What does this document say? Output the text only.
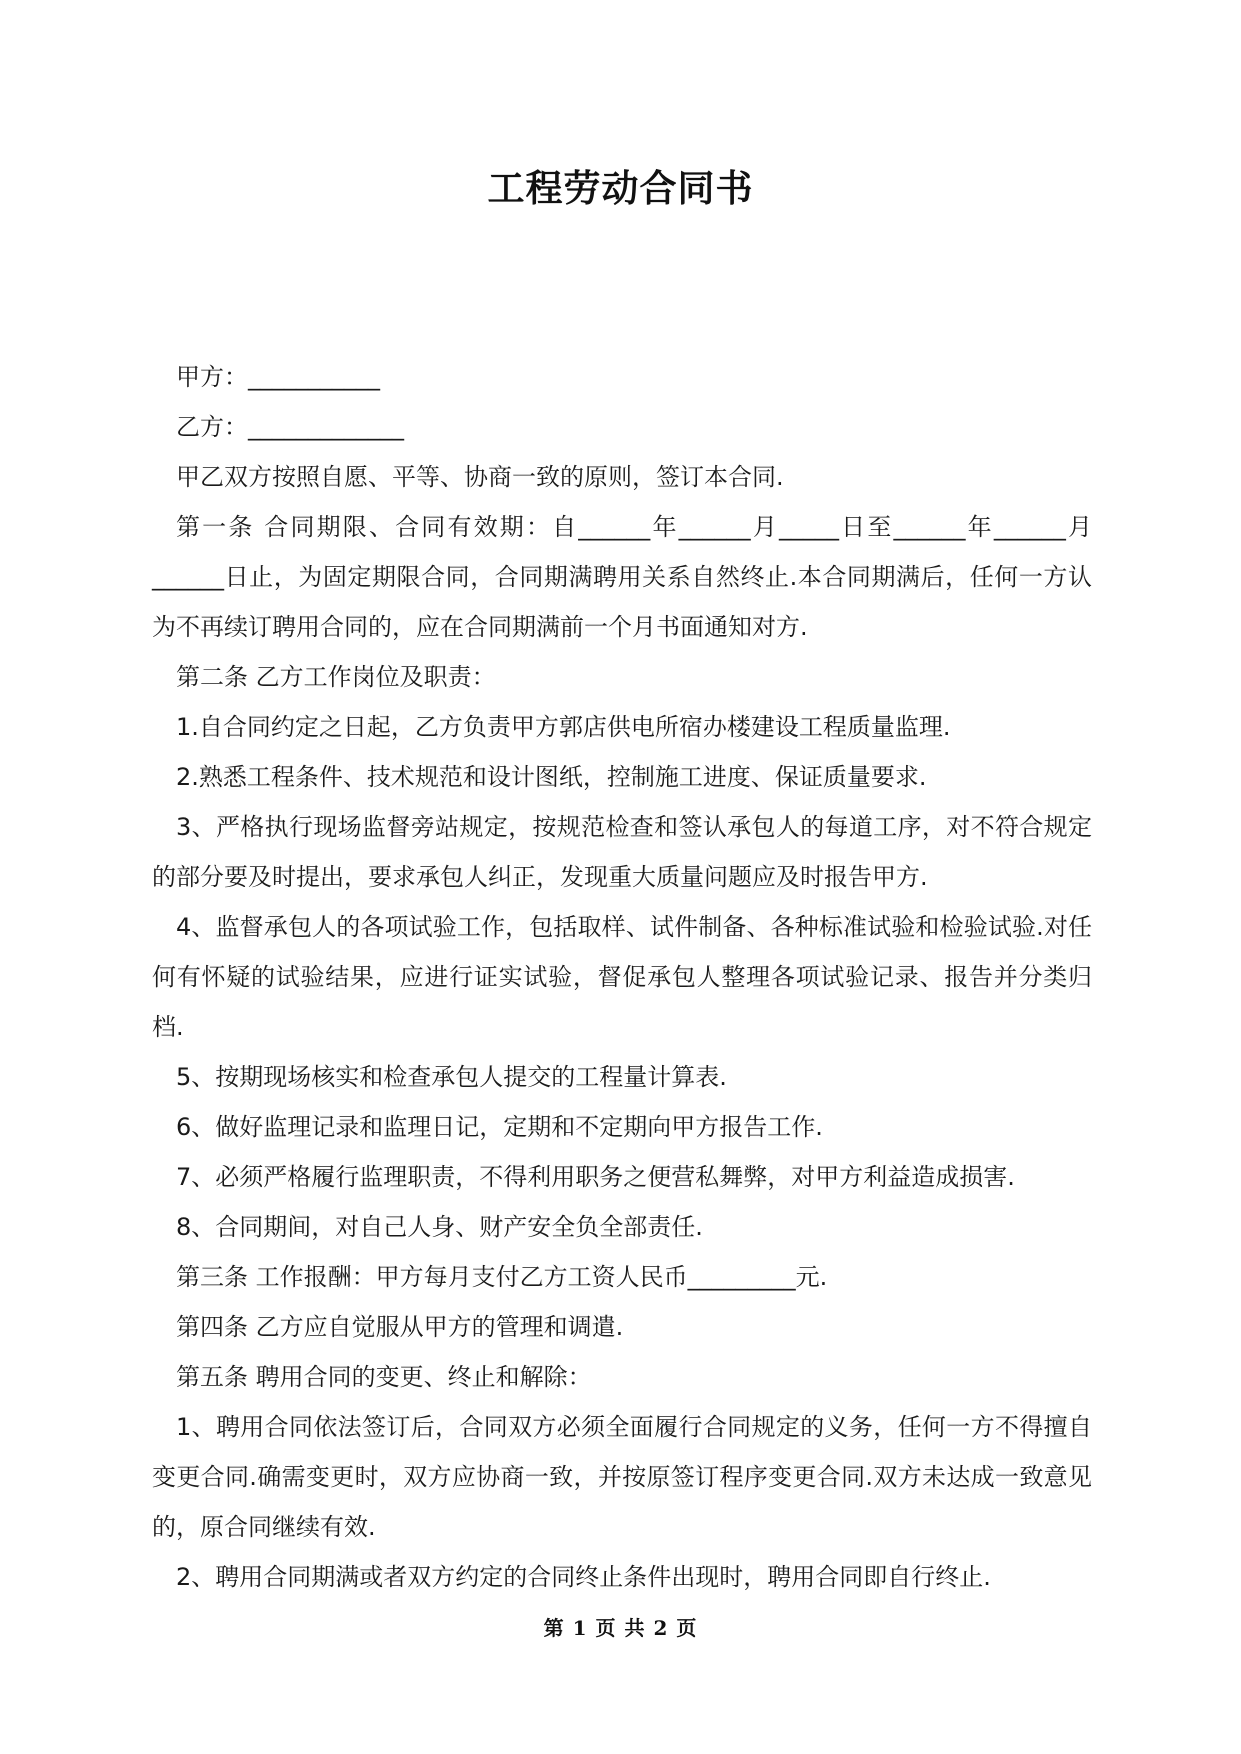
工程劳动合同书

甲方：___________

乙方：_____________

甲乙双方按照自愿、平等、协商一致的原则，签订本合同.

第一条 合同期限、合同有效期：自______年______月_____日至______年______月______日止，为固定期限合同，合同期满聘用关系自然终止.本合同期满后，任何一方认为不再续订聘用合同的，应在合同期满前一个月书面通知对方.

第二条 乙方工作岗位及职责：

1.自合同约定之日起，乙方负责甲方郭店供电所宿办楼建设工程质量监理.

2.熟悉工程条件、技术规范和设计图纸，控制施工进度、保证质量要求.

3、严格执行现场监督旁站规定，按规范检查和签认承包人的每道工序，对不符合规定的部分要及时提出，要求承包人纠正，发现重大质量问题应及时报告甲方.

4、监督承包人的各项试验工作，包括取样、试件制备、各种标准试验和检验试验.对任何有怀疑的试验结果，应进行证实试验，督促承包人整理各项试验记录、报告并分类归档.

5、按期现场核实和检查承包人提交的工程量计算表.

6、做好监理记录和监理日记，定期和不定期向甲方报告工作.

7、必须严格履行监理职责，不得利用职务之便营私舞弊，对甲方利益造成损害.

8、合同期间，对自己人身、财产安全负全部责任.

第三条 工作报酬：甲方每月支付乙方工资人民币_________元.

第四条 乙方应自觉服从甲方的管理和调遣.

第五条 聘用合同的变更、终止和解除：

1、聘用合同依法签订后，合同双方必须全面履行合同规定的义务，任何一方不得擅自变更合同.确需变更时，双方应协商一致，并按原签订程序变更合同.双方未达成一致意见的，原合同继续有效.

2、聘用合同期满或者双方约定的合同终止条件出现时，聘用合同即自行终止.

第 1 页 共 2 页
